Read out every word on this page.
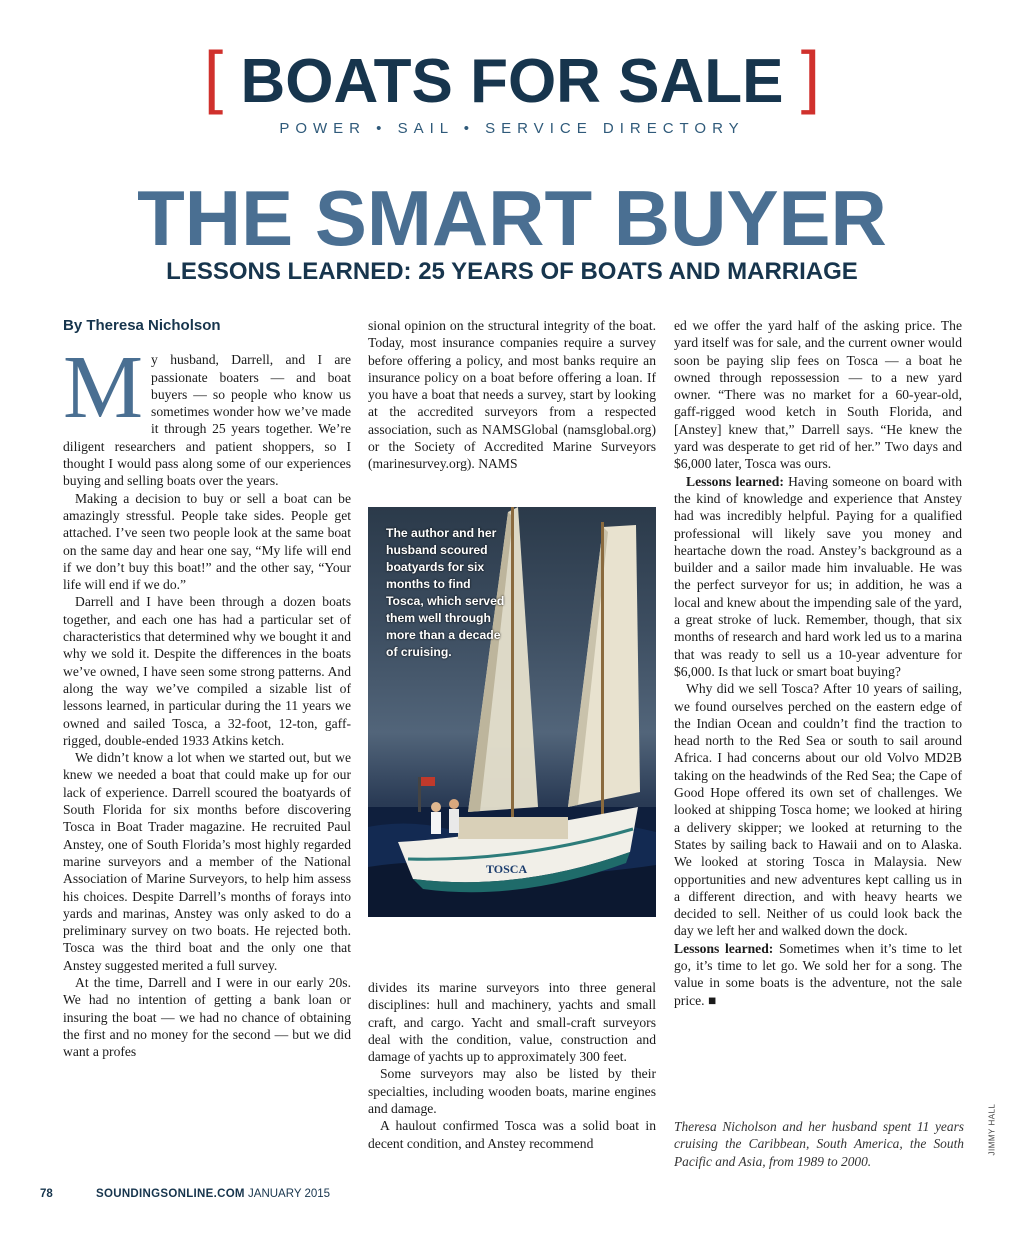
[ BOATS FOR SALE ]
POWER • SAIL • SERVICE DIRECTORY
THE SMART BUYER
LESSONS LEARNED: 25 YEARS OF BOATS AND MARRIAGE
By Theresa Nicholson

My husband, Darrell, and I are passionate boaters — and boat buyers — so people who know us sometimes wonder how we’ve made it through 25 years together. We’re diligent researchers and patient shoppers, so I thought I would pass along some of our experiences buying and selling boats over the years.

Making a decision to buy or sell a boat can be amazingly stressful. People take sides. People get attached. I’ve seen two people look at the same boat on the same day and hear one say, “My life will end if we don’t buy this boat!” and the other say, “Your life will end if we do.”

Darrell and I have been through a dozen boats together, and each one has had a particular set of characteristics that determined why we bought it and why we sold it. Despite the differences in the boats we’ve owned, I have seen some strong patterns. And along the way we’ve compiled a sizable list of lessons learned, in particular during the 11 years we owned and sailed Tosca, a 32-foot, 12-ton, gaff-rigged, double-ended 1933 Atkins ketch.

We didn’t know a lot when we started out, but we knew we needed a boat that could make up for our lack of experience. Darrell scoured the boatyards of South Florida for six months before discovering Tosca in Boat Trader magazine. He recruited Paul Anstey, one of South Florida’s most highly regarded marine surveyors and a member of the National Association of Marine Surveyors, to help him assess his choices. Despite Darrell’s months of forays into yards and marinas, Anstey was only asked to do a preliminary survey on two boats. He rejected both. Tosca was the third boat and the only one that Anstey suggested merited a full survey.

At the time, Darrell and I were in our early 20s. We had no intention of getting a bank loan or insuring the boat — we had no chance of obtaining the first and no money for the second — but we did want a profes

sional opinion on the structural integrity of the boat. Today, most insurance companies require a survey before offering a policy, and most banks require an insurance policy on a boat before offering a loan. If you have a boat that needs a survey, start by looking at the accredited surveyors from a respected association, such as NAMSGlobal (namsglobal.org) or the Society of Accredited Marine Surveyors (marinesurvey.org). NAMS

TOSCA
The author and her husband scoured boatyards for six months to find Tosca, which served them well through more than a decade of cruising.

divides its marine surveyors into three general disciplines: hull and machinery, yachts and small craft, and cargo. Yacht and small-craft surveyors deal with the condition, value, construction and damage of yachts up to approximately 300 feet.

Some surveyors may also be listed by their specialties, including wooden boats, marine engines and damage.

A haulout confirmed Tosca was a solid boat in decent condition, and Anstey recommend

ed we offer the yard half of the asking price. The yard itself was for sale, and the current owner would soon be paying slip fees on Tosca — a boat he owned through repossession — to a new yard owner. “There was no market for a 60-year-old, gaff-rigged wood ketch in South Florida, and [Anstey] knew that,” Darrell says. “He knew the yard was desperate to get rid of her.” Two days and $6,000 later, Tosca was ours.

Lessons learned: Having someone on board with the kind of knowledge and experience that Anstey had was incredibly helpful. Paying for a qualified professional will likely save you money and heartache down the road. Anstey’s background as a builder and a sailor made him invaluable. He was the perfect surveyor for us; in addition, he was a local and knew about the impending sale of the yard, a great stroke of luck. Remember, though, that six months of research and hard work led us to a marina that was ready to sell us a 10-year adventure for $6,000. Is that luck or smart boat buying?

Why did we sell Tosca? After 10 years of sailing, we found ourselves perched on the eastern edge of the Indian Ocean and couldn’t find the traction to head north to the Red Sea or south to sail around Africa. I had concerns about our old Volvo MD2B taking on the headwinds of the Red Sea; the Cape of Good Hope offered its own set of challenges. We looked at shipping Tosca home; we looked at hiring a delivery skipper; we looked at returning to the States by sailing back to Hawaii and on to Alaska. We looked at storing Tosca in Malaysia. New opportunities and new adventures kept calling us in a different direction, and with heavy hearts we decided to sell. Neither of us could look back the day we left her and walked down the dock.

Lessons learned: Sometimes when it’s time to let go, it’s time to let go. We sold her for a song. The value in some boats is the adventure, not the sale price. ■

Theresa Nicholson and her husband spent 11 years cruising the Caribbean, South America, the South Pacific and Asia, from 1989 to 2000.
JIMMY HALL
78	SOUNDINGSONLINE.COM JANUARY 2015
